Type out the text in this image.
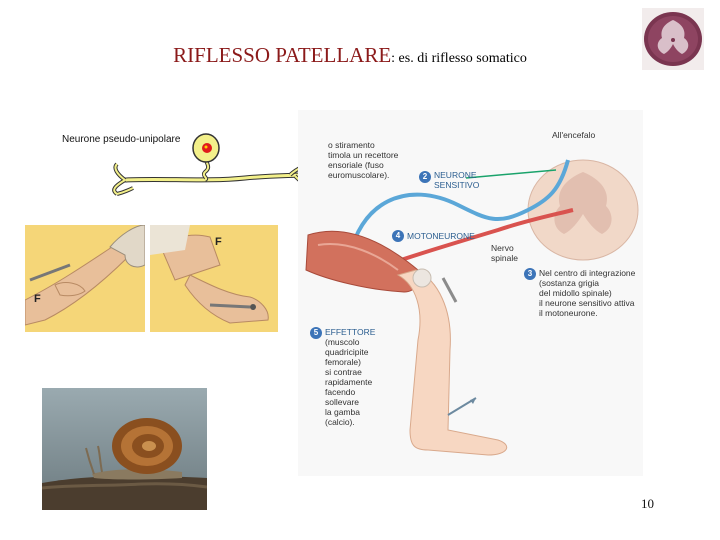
RIFLESSO PATELLARE: es. di riflesso somatico
Neurone pseudo-unipolare
F
F
o stiramento
timola un recettore
ensoriale (fuso
euromuscolare).
All'encefalo
2 NEURONE
SENSITIVO
4 MOTONEURONE
Nervo
spinale
3 Nel centro di integrazione
(sostanza grigia
del midollo spinale)
il neurone sensitivo attiva
il motoneurone.
5 EFFETTORE
(muscolo
quadricipite
femorale)
si contrae
rapidamente
facendo
sollevare
la gamba
(calcio).
10
